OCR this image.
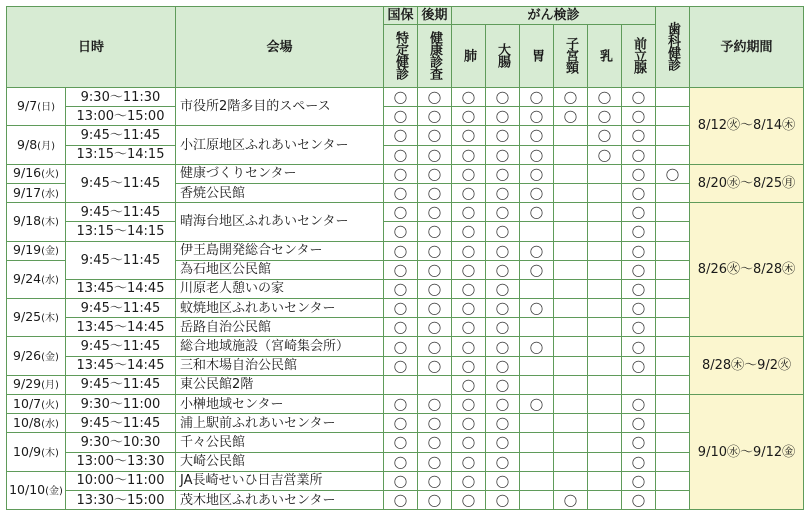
日時		会場	国保	後期	がん検診						歯科健診	予約期間
			特定健診	健康診査	肺	大腸	胃	子宮頸	乳	前立腺		
9/7(日)	9:30～11:30	市役所2階多目的スペース	◯	◯	◯	◯	◯	◯	◯	◯		8/12㊋～8/14㊍
	13:00～15:00		◯	◯	◯	◯	◯	◯	◯	◯		
9/8(月)	9:45～11:45	小江原地区ふれあいセンター	◯	◯	◯	◯	◯		◯	◯		
	13:15～14:15		◯	◯	◯	◯	◯		◯	◯		
9/16(火)	9:45～11:45	健康づくりセンター	◯	◯	◯	◯	◯			◯	◯	8/20㊌～8/25㊊
9/17(水)		香焼公民館	◯	◯	◯	◯	◯			◯		
9/18(木)	9:45～11:45	晴海台地区ふれあいセンター	◯	◯	◯	◯	◯			◯		8/26㊋～8/28㊍
	13:15～14:15		◯	◯	◯	◯				◯		
9/19(金)	9:45～11:45	伊王島開発総合センター	◯	◯	◯	◯	◯			◯		
9/24(水)		為石地区公民館	◯	◯	◯	◯	◯			◯		
	13:45～14:45	川原老人憩いの家	◯	◯	◯	◯				◯		
9/25(木)	9:45～11:45	蚊焼地区ふれあいセンター	◯	◯	◯	◯	◯			◯		
	13:45～14:45	岳路自治公民館	◯	◯	◯	◯				◯		
9/26(金)	9:45～11:45	総合地域施設（宮崎集会所）	◯	◯	◯	◯	◯			◯		8/28㊍～9/2㊋
	13:45～14:45	三和木場自治公民館	◯	◯	◯	◯				◯		
9/29(月)	9:45～11:45	東公民館2階			◯	◯						
10/7(火)	9:30～11:00	小榊地域センター	◯	◯	◯	◯	◯			◯		9/10㊌～9/12㊎
10/8(水)	9:45～11:45	浦上駅前ふれあいセンター	◯	◯	◯	◯				◯		
10/9(木)	9:30～10:30	千々公民館	◯	◯	◯	◯				◯		
	13:00～13:30	大崎公民館	◯	◯	◯	◯				◯		
10/10(金)	10:00～11:00	JA長崎せいひ日吉営業所	◯	◯	◯	◯				◯		
	13:30～15:00	茂木地区ふれあいセンター	◯	◯	◯	◯		◯		◯		
